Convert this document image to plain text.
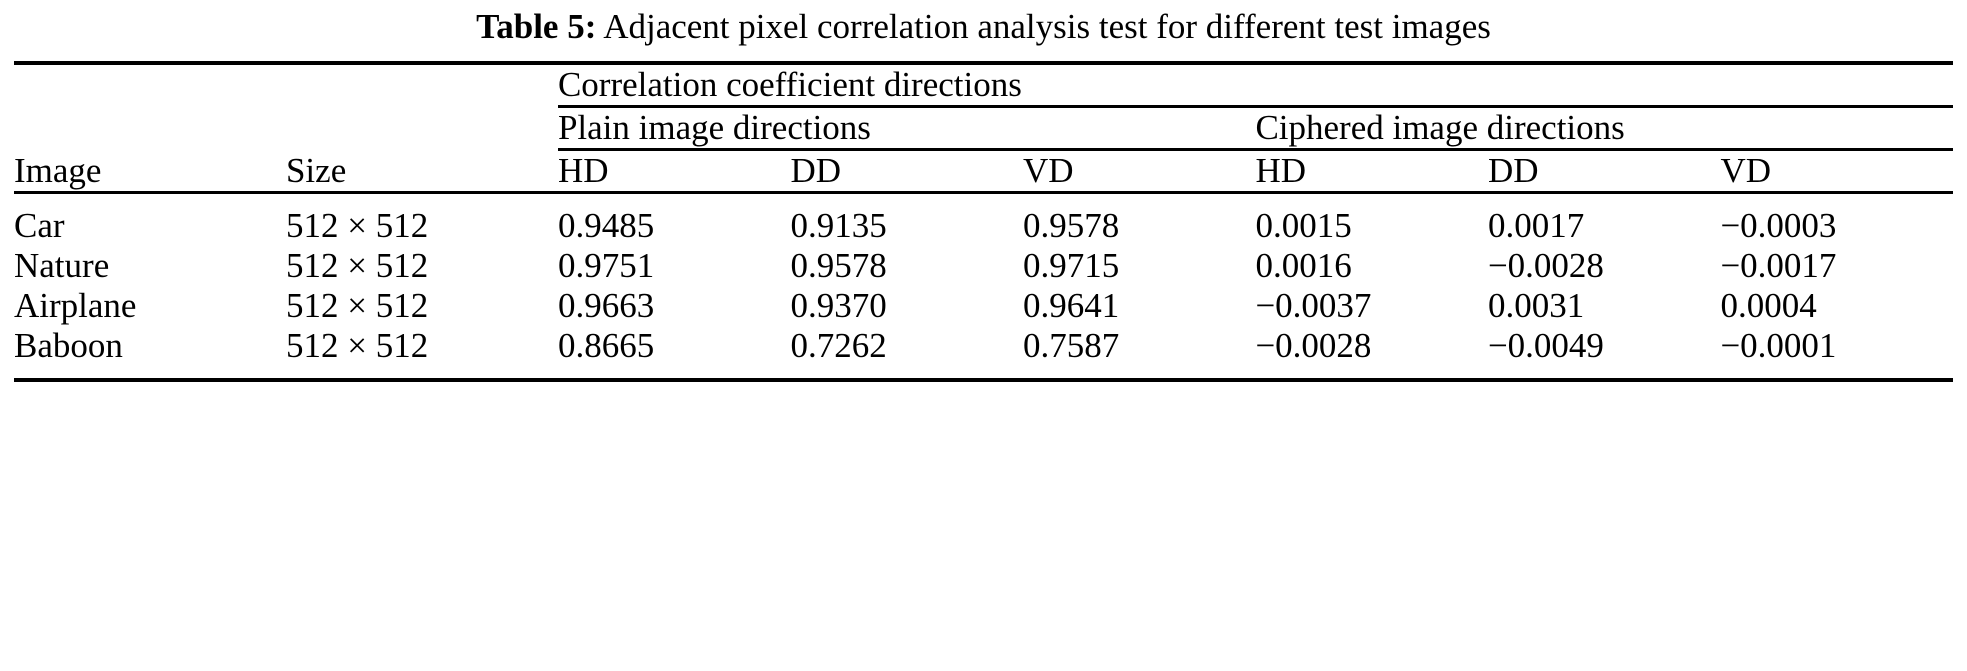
Table 5: Adjacent pixel correlation analysis test for different test images

		Correlation coefficient directions					

		Plain image directions			Ciphered image directions		

Image	Size	HD	DD	VD	HD	DD	VD
Car	512 × 512	0.9485	0.9135	0.9578	0.0015	0.0017	−0.0003
Nature	512 × 512	0.9751	0.9578	0.9715	0.0016	−0.0028	−0.0017
Airplane	512 × 512	0.9663	0.9370	0.9641	−0.0037	0.0031	0.0004
Baboon	512 × 512	0.8665	0.7262	0.7587	−0.0028	−0.0049	−0.0001
